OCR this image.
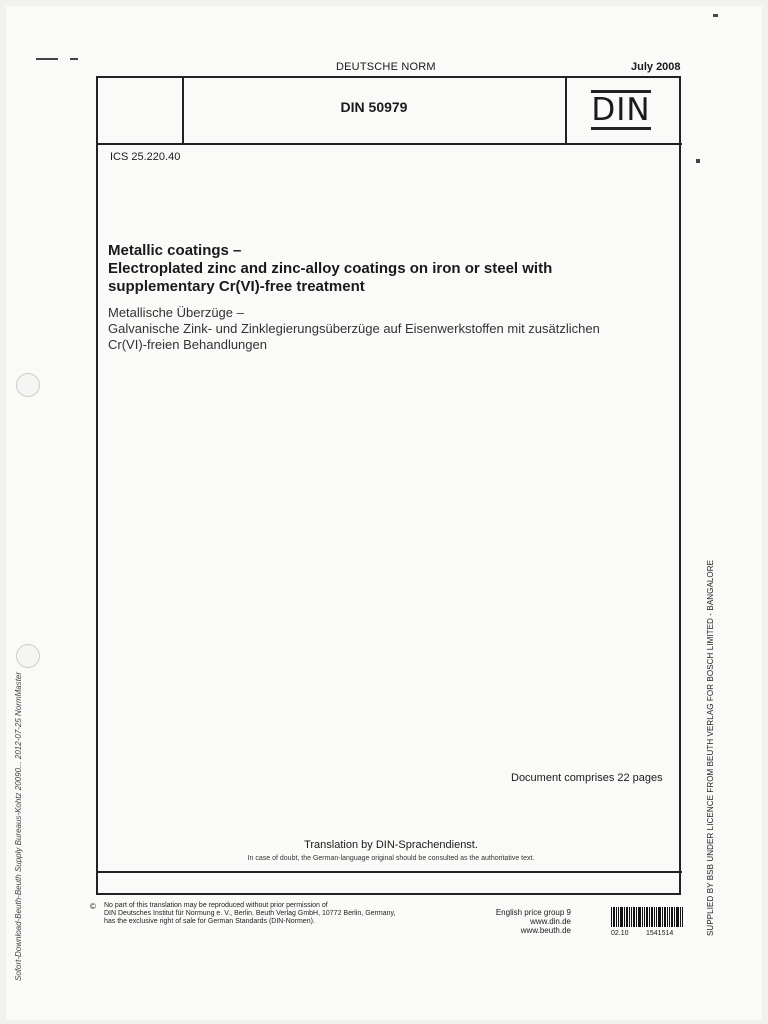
DEUTSCHE NORM	July 2008
DIN 50979	DIN
ICS 25.220.40
Metallic coatings –
Electroplated zinc and zinc-alloy coatings on iron or steel with
supplementary Cr(VI)-free treatment
Metallische Überzüge –
Galvanische Zink- und Zinklegierungsüberzüge auf Eisenwerkstoffen mit zusätzlichen
Cr(VI)-freien Behandlungen
Document comprises 22 pages
Translation by DIN-Sprachendienst.
In case of doubt, the German-language original should be consulted as the authoritative text.
© No part of this translation may be reproduced without prior permission of
DIN Deutsches Institut für Normung e. V., Berlin. Beuth Verlag GmbH, 10772 Berlin, Germany,
has the exclusive right of sale for German Standards (DIN-Normen).
English price group 9
www.din.de
www.beuth.de	02.10 1541514
Sofort-Download-Beuth-Beuth Supply Bureaus-Kohtz 20090... 2012-07-25 NormMaster	SUPPLIED BY BSB UNDER LICENCE FROM BEUTH VERLAG FOR BOSCH LIMITED - BANGALORE
